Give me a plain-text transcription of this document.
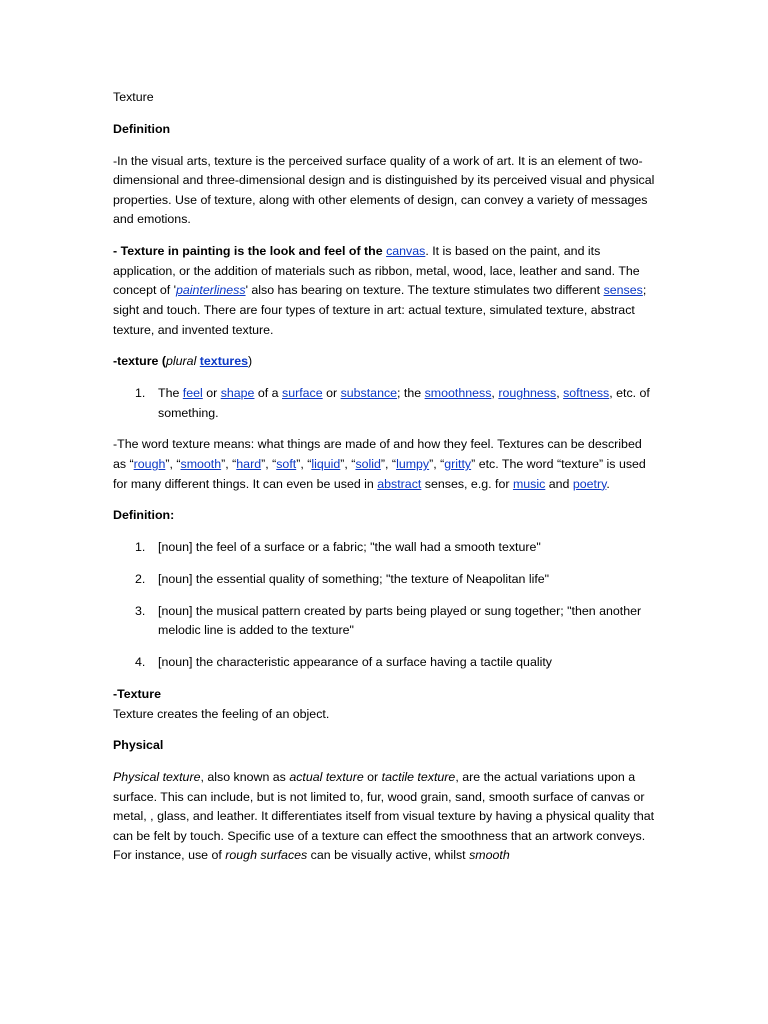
Texture

Definition

-In the visual arts, texture is the perceived surface quality of a work of art. It is an element of two-dimensional and three-dimensional design and is distinguished by its perceived visual and physical properties. Use of texture, along with other elements of design, can convey a variety of messages and emotions.

- Texture in painting is the look and feel of the canvas. It is based on the paint, and its application, or the addition of materials such as ribbon, metal, wood, lace, leather and sand. The concept of 'painterliness' also has bearing on texture. The texture stimulates two different senses; sight and touch. There are four types of texture in art: actual texture, simulated texture, abstract texture, and invented texture.

-texture (plural textures)

1. The feel or shape of a surface or substance; the smoothness, roughness, softness, etc. of something.

-The word texture means: what things are made of and how they feel. Textures can be described as “rough”, “smooth”, “hard”, “soft”, “liquid”, “solid”, “lumpy”, “gritty” etc. The word “texture” is used for many different things. It can even be used in abstract senses, e.g. for music and poetry.

Definition:

1. [noun] the feel of a surface or a fabric; "the wall had a smooth texture"
2. [noun] the essential quality of something; "the texture of Neapolitan life"
3. [noun] the musical pattern created by parts being played or sung together; "then another melodic line is added to the texture"
4. [noun] the characteristic appearance of a surface having a tactile quality

-Texture
Texture creates the feeling of an object.

Physical

Physical texture, also known as actual texture or tactile texture, are the actual variations upon a surface. This can include, but is not limited to, fur, wood grain, sand, smooth surface of canvas or metal, , glass, and leather. It differentiates itself from visual texture by having a physical quality that can be felt by touch. Specific use of a texture can effect the smoothness that an artwork conveys. For instance, use of rough surfaces can be visually active, whilst smooth
